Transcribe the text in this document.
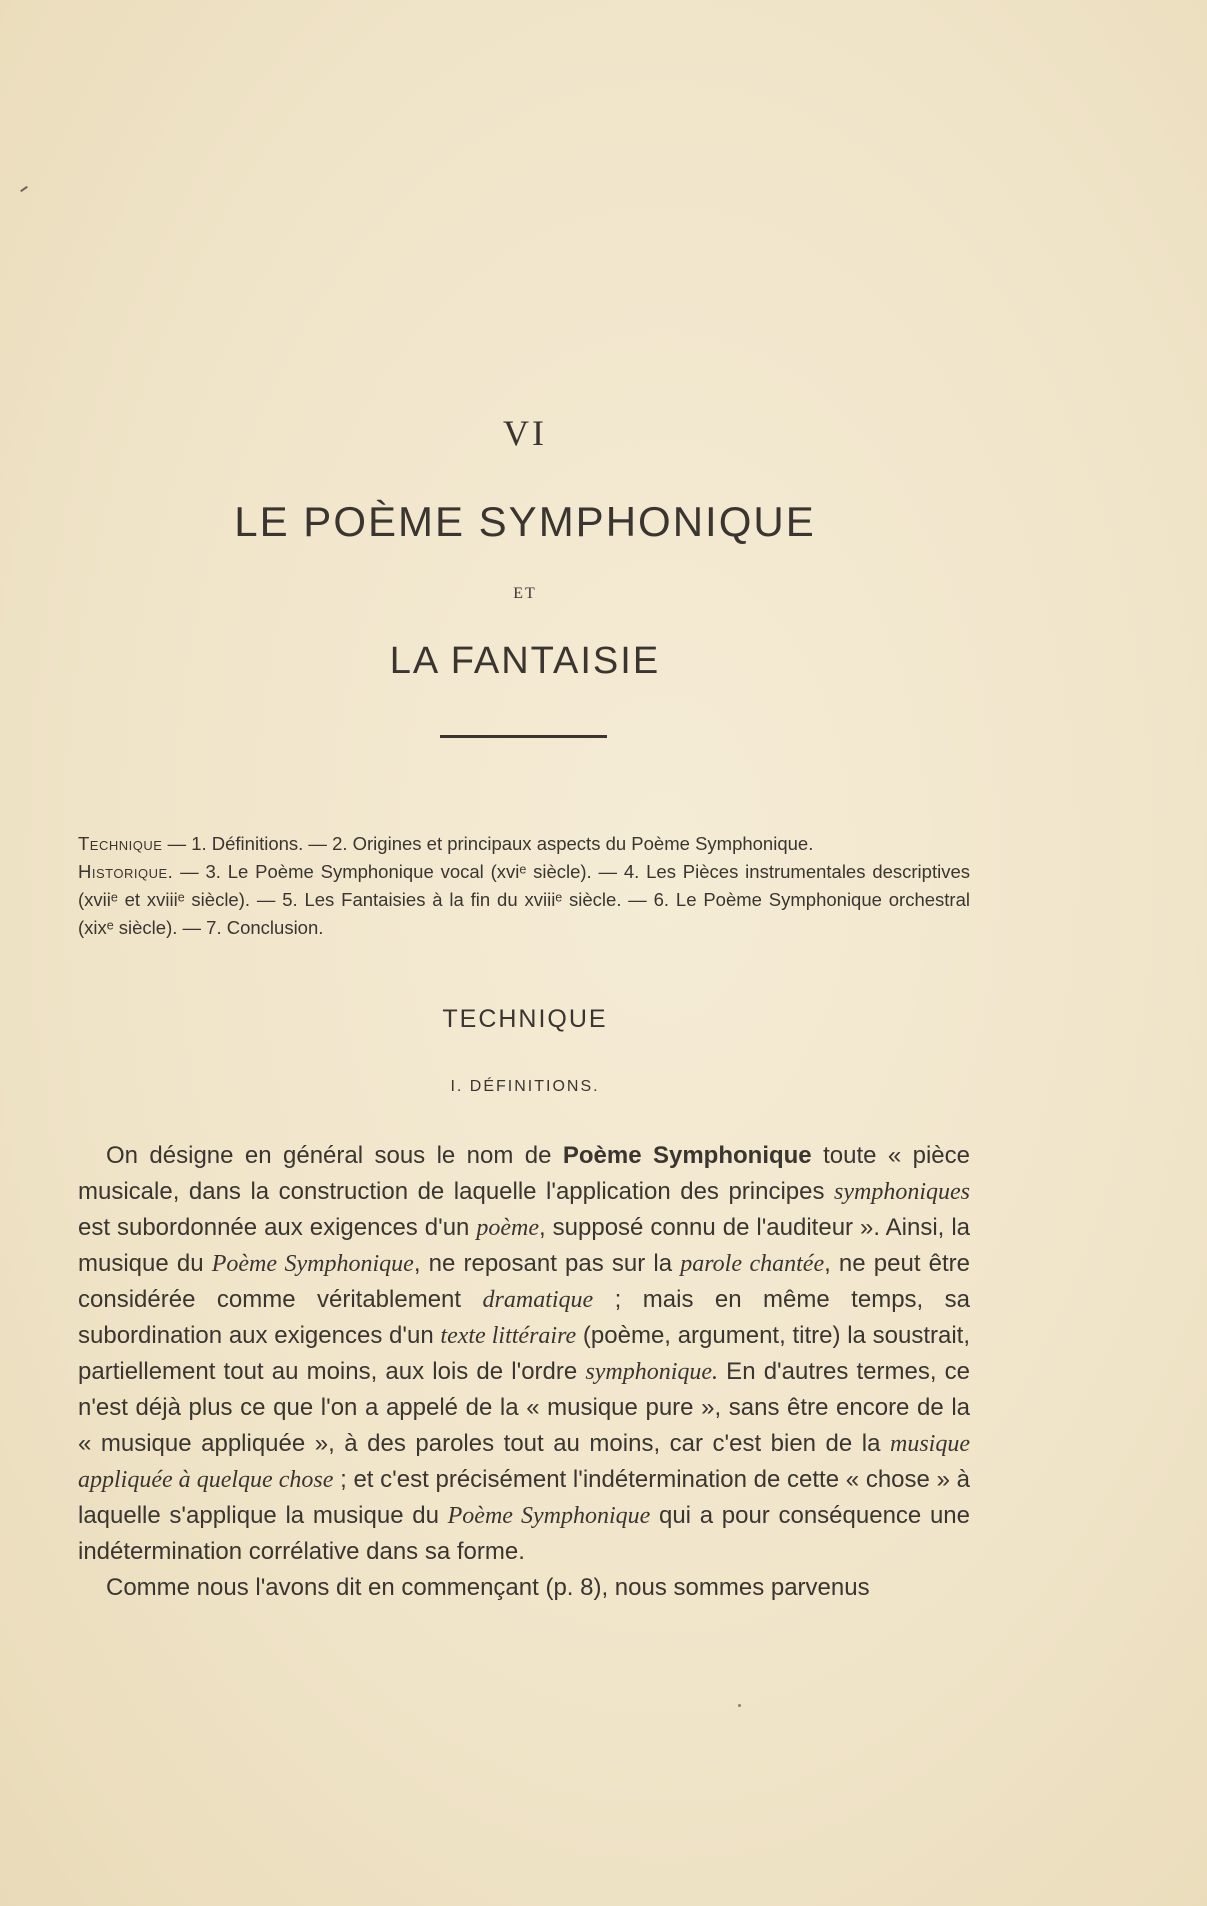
VI
LE POÈME SYMPHONIQUE
ET
LA FANTAISIE
Technique — 1. Définitions. — 2. Origines et principaux aspects du Poème Symphonique.
Historique. — 3. Le Poème Symphonique vocal (xviᵉ siècle). — 4. Les Pièces instrumentales descriptives (xviiᵉ et xviiiᵉ siècle). — 5. Les Fantaisies à la fin du xviiiᵉ siècle. — 6. Le Poème Symphonique orchestral (xixᵉ siècle). — 7. Conclusion.
TECHNIQUE
I. DÉFINITIONS.

On désigne en général sous le nom de Poème Symphonique toute « pièce musicale, dans la construction de laquelle l'application des principes symphoniques est subordonnée aux exigences d'un poème, supposé connu de l'auditeur ». Ainsi, la musique du Poème Symphonique, ne reposant pas sur la parole chantée, ne peut être considérée comme véritablement dramatique ; mais en même temps, sa subordination aux exigences d'un texte littéraire (poème, argument, titre) la soustrait, partiellement tout au moins, aux lois de l'ordre symphonique. En d'autres termes, ce n'est déjà plus ce que l'on a appelé de la « musique pure », sans être encore de la « musique appliquée », à des paroles tout au moins, car c'est bien de la musique appliquée à quelque chose ; et c'est précisément l'indétermination de cette « chose » à laquelle s'applique la musique du Poème Symphonique qui a pour conséquence une indétermination corrélative dans sa forme.

Comme nous l'avons dit en commençant (p. 8), nous sommes parvenus
